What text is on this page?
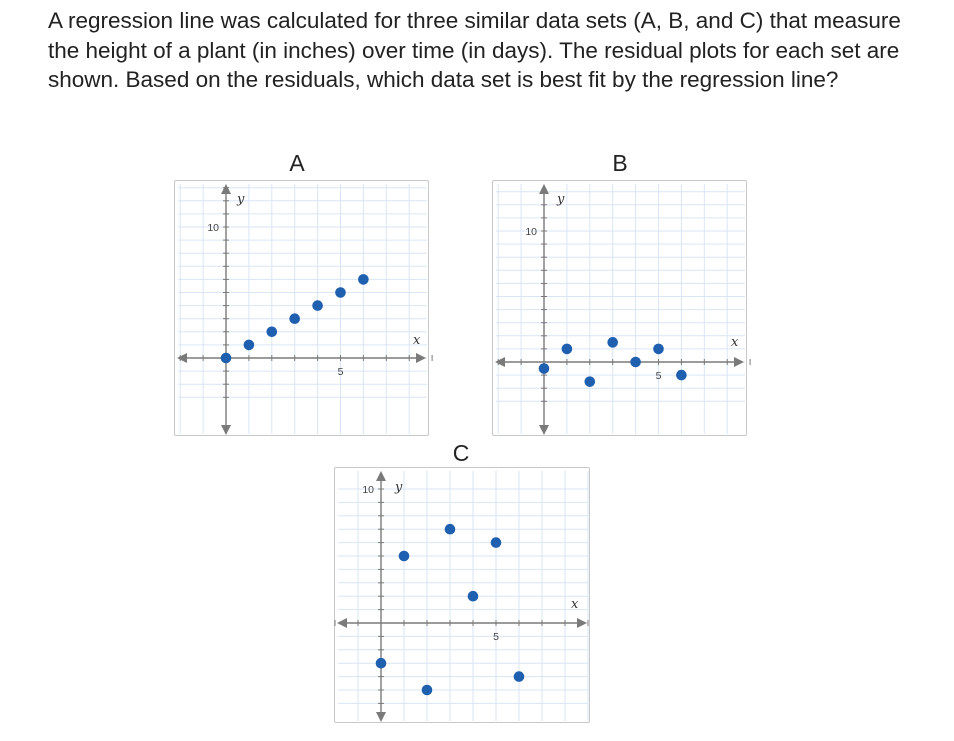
A regression line was calculated for three similar data sets (A, B, and C) that measure the height of a plant (in inches) over time (in days). The residual plots for each set are shown. Based on the residuals, which data set is best fit by the regression line?

A
x
y
5
10
B
x
y
5
10
C
x
y
5
10
